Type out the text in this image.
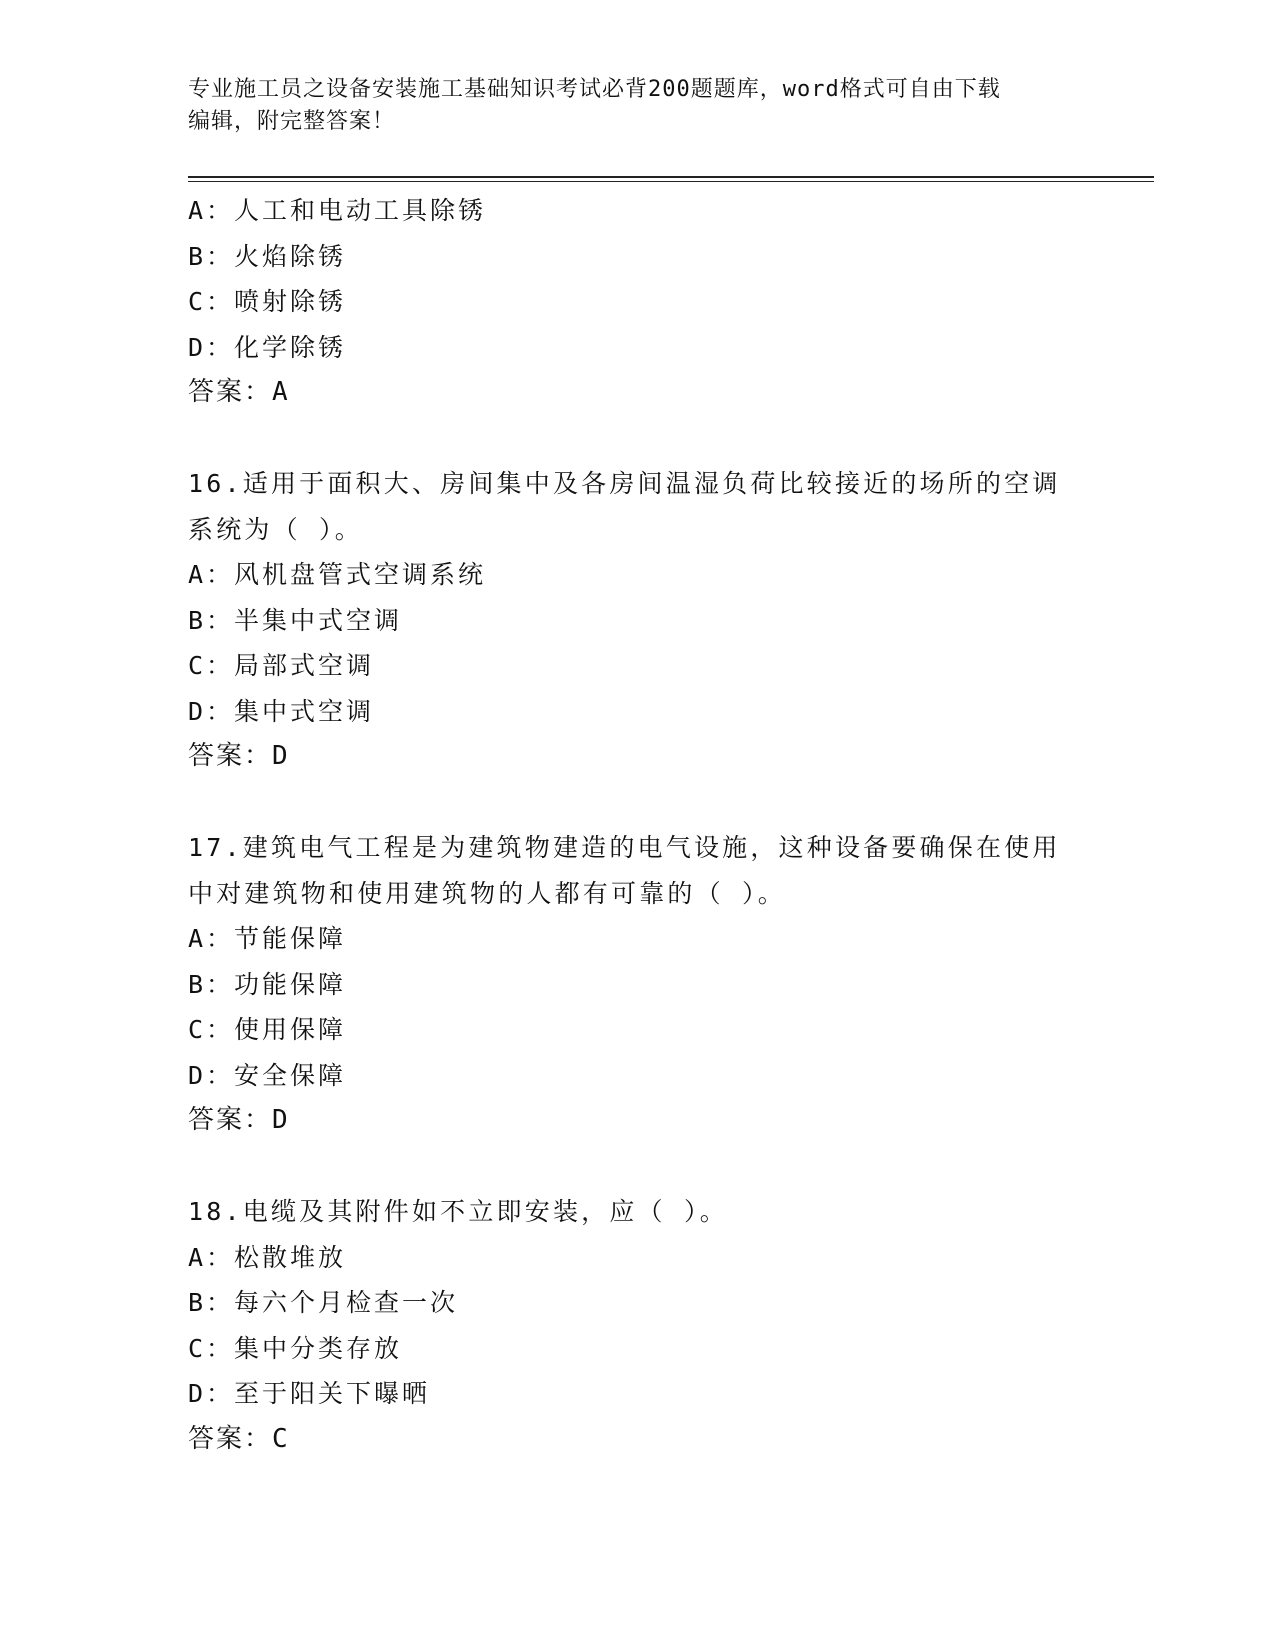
专业施工员之设备安装施工基础知识考试必背200题题库，word格式可自由下载
编辑，附完整答案！
A：人工和电动工具除锈
B：火焰除锈
C：喷射除锈
D：化学除锈
答案：A
16.适用于面积大、房间集中及各房间温湿负荷比较接近的场所的空调
系统为（ ）。
A：风机盘管式空调系统
B：半集中式空调
C：局部式空调
D：集中式空调
答案：D
17.建筑电气工程是为建筑物建造的电气设施，这种设备要确保在使用
中对建筑物和使用建筑物的人都有可靠的（ ）。
A：节能保障
B：功能保障
C：使用保障
D：安全保障
答案：D
18.电缆及其附件如不立即安装，应（ ）。
A：松散堆放
B：每六个月检查一次
C：集中分类存放
D：至于阳关下曝晒
答案：C
